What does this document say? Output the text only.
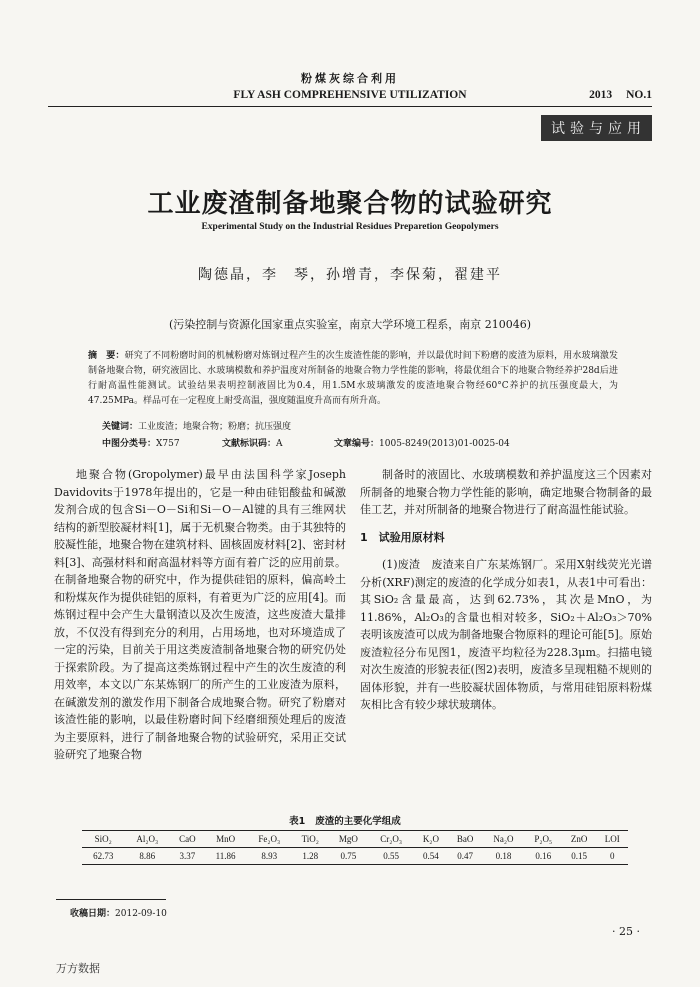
粉煤灰综合利用
FLY ASH COMPREHENSIVE UTILIZATION	2013 NO.1
试验与应用
工业废渣制备地聚合物的试验研究
Experimental Study on the Industrial Residues Preparetion Geopolymers
陶德晶，李　琴，孙增青，李保菊，翟建平
(污染控制与资源化国家重点实验室，南京大学环境工程系，南京 210046)
摘　要：研究了不同粉磨时间的机械粉磨对炼钢过程产生的次生废渣性能的影响，并以最优时间下粉磨的废渣为原料，用水玻璃激发制备地聚合物，研究液固比、水玻璃模数和养护温度对所制备的地聚合物力学性能的影响，将最优组合下的地聚合物经养护28d后进行耐高温性能测试。试验结果表明控制液固比为0.4，用1.5M水玻璃激发的废渣地聚合物经60°C养护的抗压强度最大，为47.25MPa。样品可在一定程度上耐受高温，强度随温度升高而有所升高。
关键词：工业废渣；地聚合物；粉磨；抗压强度
中图分类号：X757	文献标识码：A	文章编号：1005-8249(2013)01-0025-04

地聚合物(Gropolymer)最早由法国科学家Joseph Davidovits于1978年提出的，它是一种由硅铝酸盐和碱激发剂合成的包含Si－O－Si和Si－O－Al键的具有三维网状结构的新型胶凝材料[1]，属于无机聚合物类。由于其独特的胶凝性能，地聚合物在建筑材料、固核固废材料[2]、密封材料[3]、高强材料和耐高温材料等方面有着广泛的应用前景。在制备地聚合物的研究中，作为提供硅铝的原料，偏高岭土和粉煤灰作为提供硅铝的原料，有着更为广泛的应用[4]。而炼钢过程中会产生大量钢渣以及次生废渣，这些废渣大量排放，不仅没有得到充分的利用，占用场地，也对环境造成了一定的污染，目前关于用这类废渣制备地聚合物的研究仍处于探索阶段。为了提高这类炼钢过程中产生的次生废渣的利用效率，本文以广东某炼钢厂的所产生的工业废渣为原料，在碱激发剂的激发作用下制备合成地聚合物。研究了粉磨对该渣性能的影响，以最佳粉磨时间下经磨细预处理后的废渣为主要原料，进行了制备地聚合物的试验研究，采用正交试验研究了地聚合物

制备时的液固比、水玻璃模数和养护温度这三个因素对所制备的地聚合物力学性能的影响，确定地聚合物制备的最佳工艺，并对所制备的地聚合物进行了耐高温性能试验。

1　试验用原材料

(1)废渣　废渣来自广东某炼钢厂。采用X射线荧光光谱分析(XRF)测定的废渣的化学成分如表1，从表1中可看出：其SiO₂含量最高，达到62.73%，其次是MnO，为11.86%，Al₂O₃的含量也相对较多，SiO₂＋Al₂O₃＞70%表明该废渣可以成为制备地聚合物原料的理论可能[5]。原始废渣粒径分布见图1，废渣平均粒径为228.3μm。扫描电镜对次生废渣的形貌表征(图2)表明，废渣多呈现粗糙不规则的固体形貌，并有一些胶凝状固体物质，与常用硅铝原料粉煤灰相比含有较少球状玻璃体。

表1 废渣的主要化学组成
SiO₂	Al₂O₃	CaO	MnO	Fe₂O₃	TiO₂	MgO	Cr₂O₃	K₂O	BaO	Na₂O	P₂O₅	ZnO	LOI
62.73	8.86	3.37	11.86	8.93	1.28	0.75	0.55	0.54	0.47	0.18	0.16	0.15	0
收稿日期：2012-09-10
· 25 ·
万方数据
